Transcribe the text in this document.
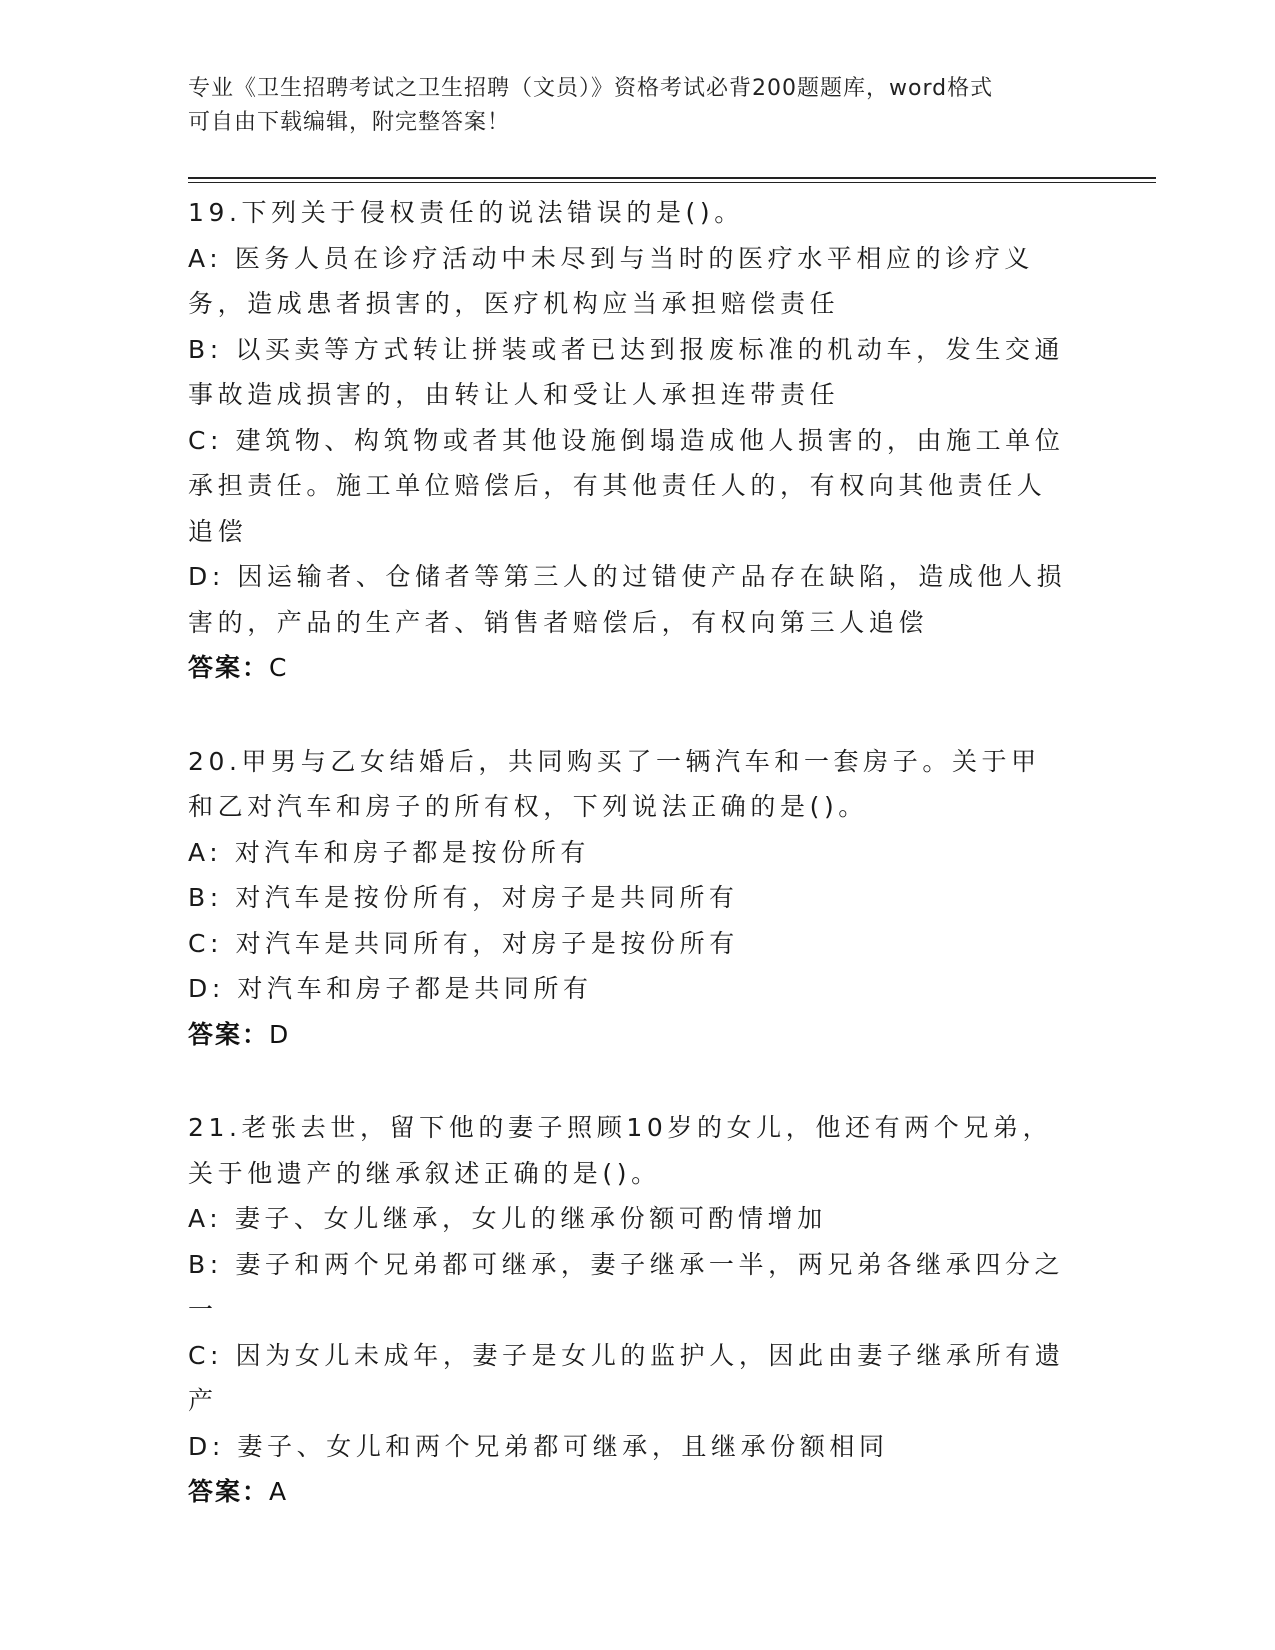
专业《卫生招聘考试之卫生招聘（文员）》资格考试必背200题题库，word格式
可自由下载编辑，附完整答案！
19.下列关于侵权责任的说法错误的是()。
A: 医务人员在诊疗活动中未尽到与当时的医疗水平相应的诊疗义务，造成患者损害的，医疗机构应当承担赔偿责任
B: 以买卖等方式转让拼装或者已达到报废标准的机动车，发生交通事故造成损害的，由转让人和受让人承担连带责任
C: 建筑物、构筑物或者其他设施倒塌造成他人损害的，由施工单位承担责任。施工单位赔偿后，有其他责任人的，有权向其他责任人追偿
D: 因运输者、仓储者等第三人的过错使产品存在缺陷，造成他人损害的，产品的生产者、销售者赔偿后，有权向第三人追偿
答案：C
20.甲男与乙女结婚后，共同购买了一辆汽车和一套房子。关于甲和乙对汽车和房子的所有权，下列说法正确的是()。
A: 对汽车和房子都是按份所有
B: 对汽车是按份所有，对房子是共同所有
C: 对汽车是共同所有，对房子是按份所有
D: 对汽车和房子都是共同所有
答案：D
21.老张去世，留下他的妻子照顾10岁的女儿，他还有两个兄弟，关于他遗产的继承叙述正确的是()。
A: 妻子、女儿继承，女儿的继承份额可酌情增加
B: 妻子和两个兄弟都可继承，妻子继承一半，两兄弟各继承四分之一
C: 因为女儿未成年，妻子是女儿的监护人，因此由妻子继承所有遗产
D: 妻子、女儿和两个兄弟都可继承，且继承份额相同
答案：A
